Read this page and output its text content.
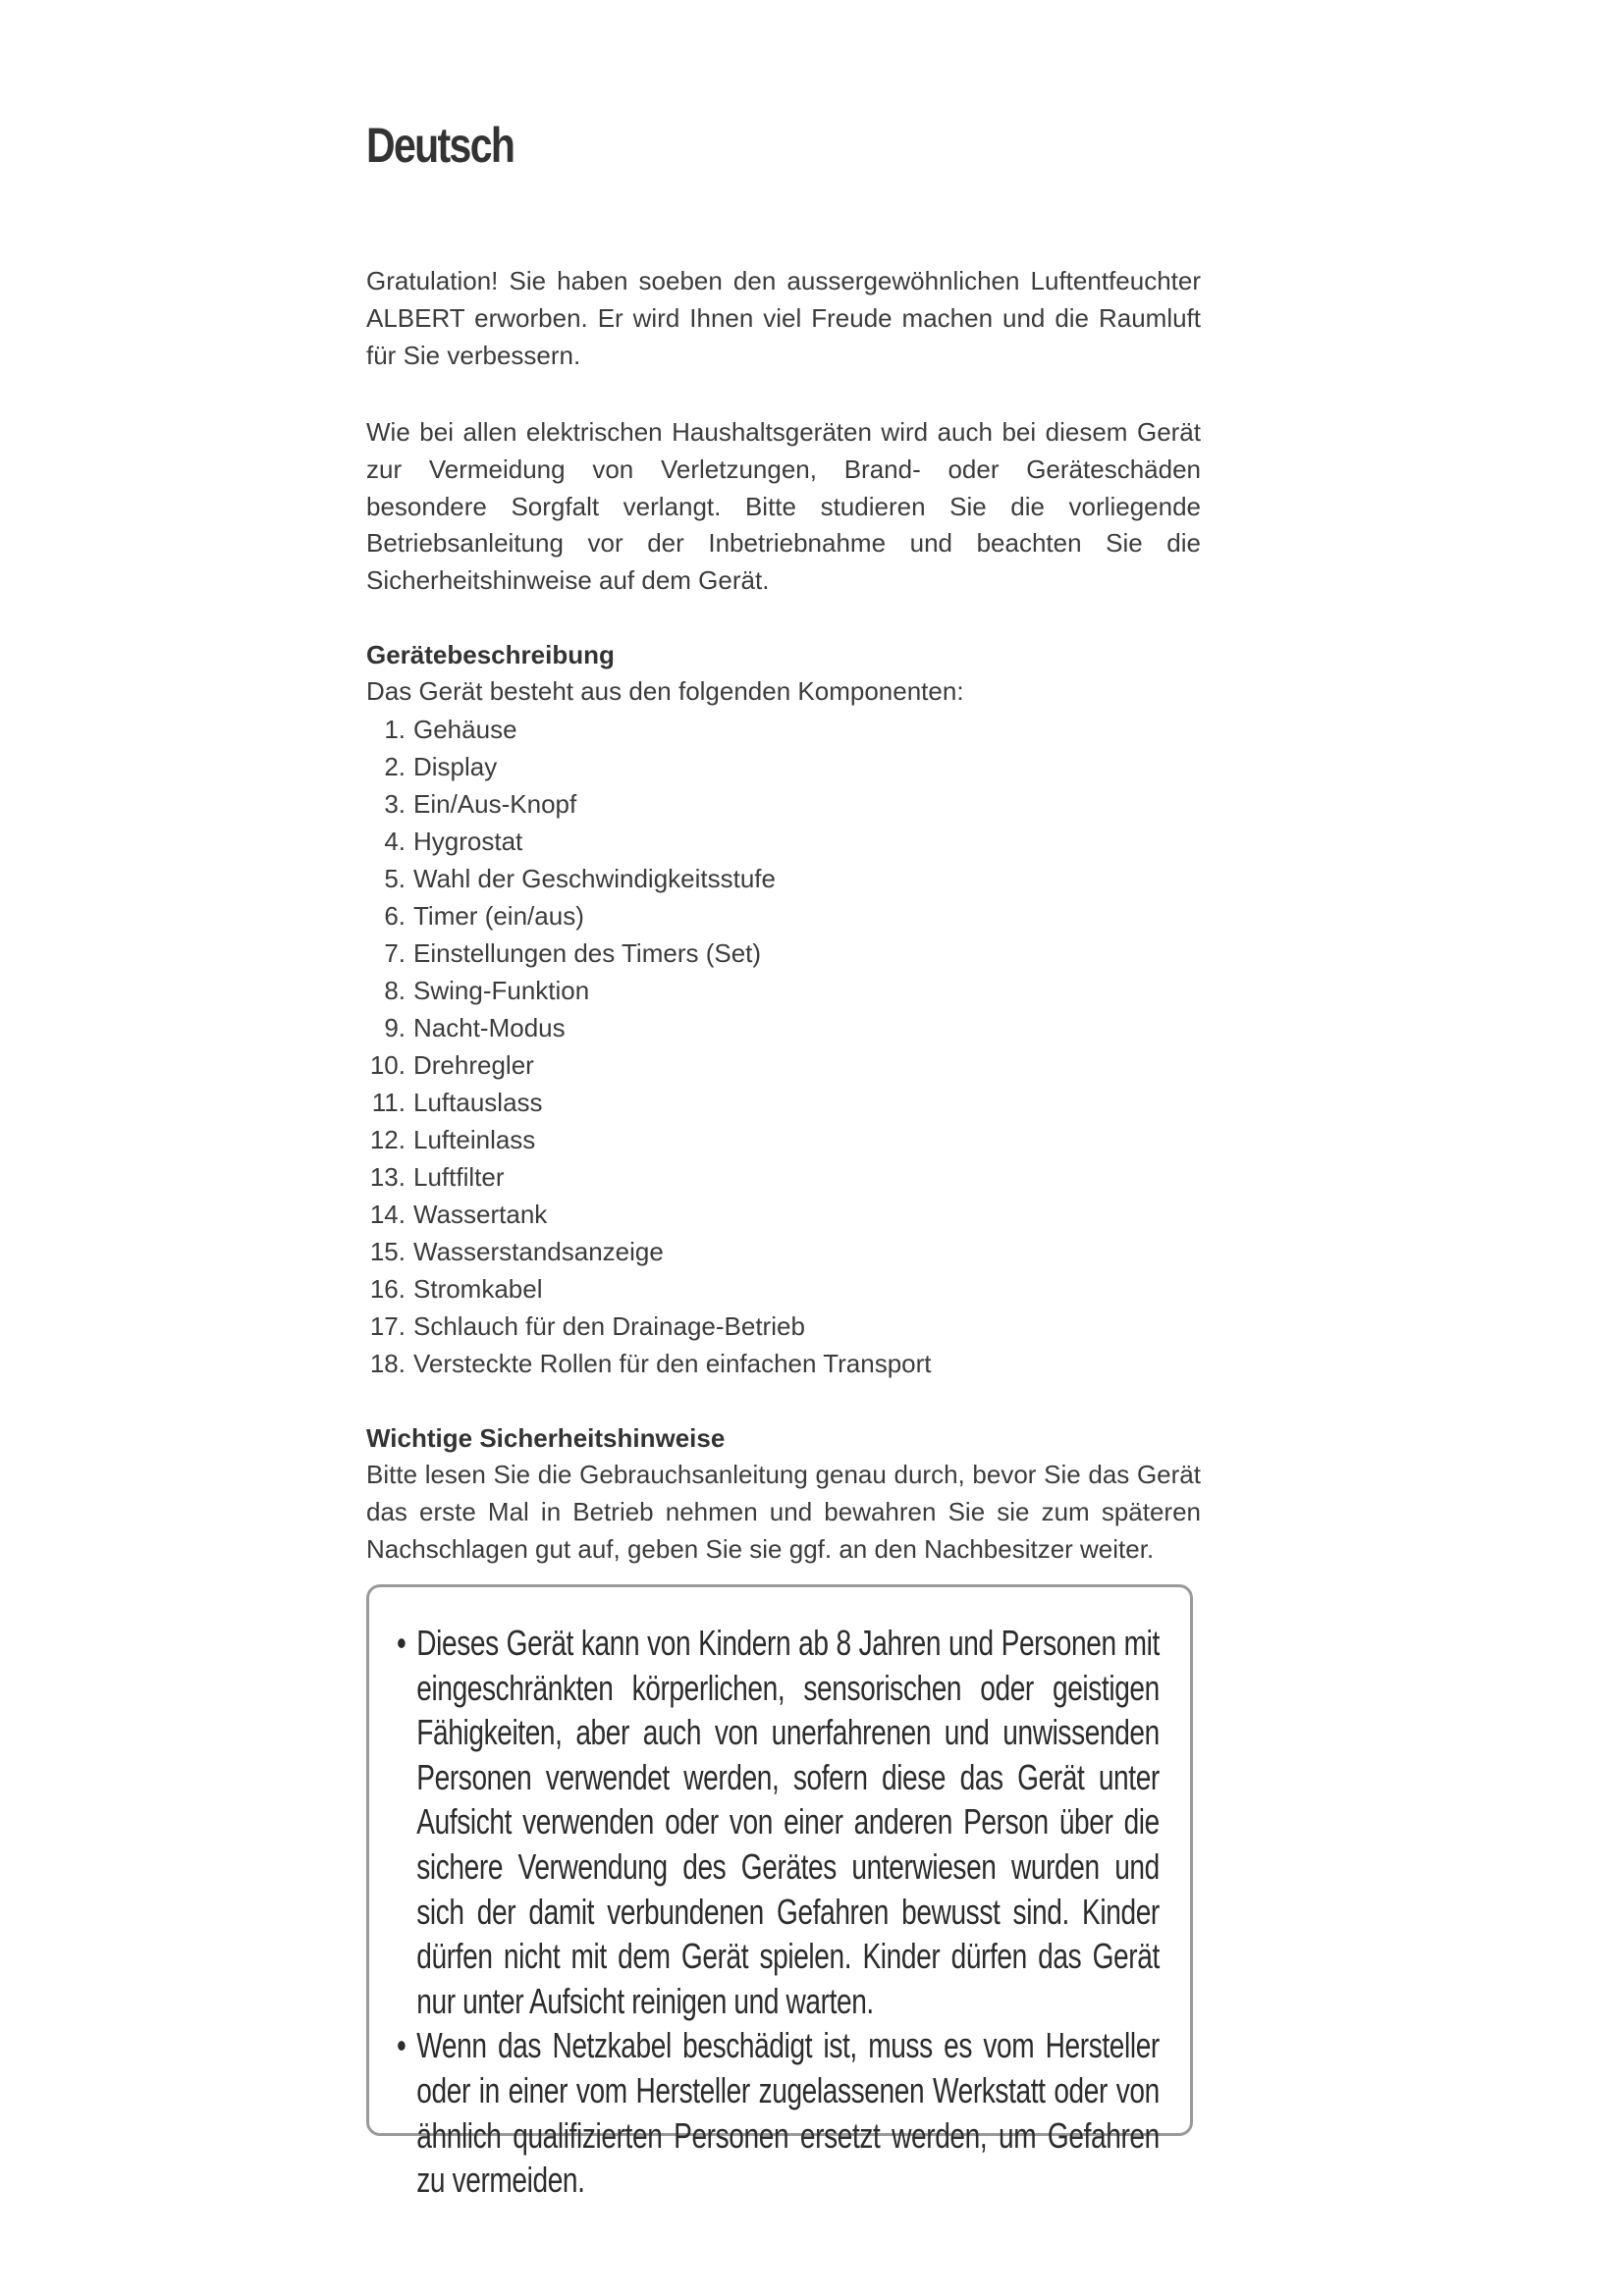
Deutsch

Gratulation! Sie haben soeben den aussergewöhnlichen Luftentfeuchter ALBERT erworben. Er wird Ihnen viel Freude machen und die Raumluft für Sie verbessern.

Wie bei allen elektrischen Haushaltsgeräten wird auch bei diesem Gerät zur Vermeidung von Verletzungen, Brand- oder Geräteschäden besondere Sorgfalt verlangt. Bitte studieren Sie die vorliegende Betriebsanleitung vor der Inbetriebnahme und beachten Sie die Sicherheitshinweise auf dem Gerät.

Gerätebeschreibung

Das Gerät besteht aus den folgenden Komponenten:

1. Gehäuse
2. Display
3. Ein/Aus-Knopf
4. Hygrostat
5. Wahl der Geschwindigkeitsstufe
6. Timer (ein/aus)
7. Einstellungen des Timers (Set)
8. Swing-Funktion
9. Nacht-Modus
10. Drehregler
11. Luftauslass
12. Lufteinlass
13. Luftfilter
14. Wassertank
15. Wasserstandsanzeige
16. Stromkabel
17. Schlauch für den Drainage-Betrieb
18. Versteckte Rollen für den einfachen Transport
Wichtige Sicherheitshinweise

Bitte lesen Sie die Gebrauchsanleitung genau durch, bevor Sie das Gerät das erste Mal in Betrieb nehmen und bewahren Sie sie zum späteren Nachschlagen gut auf, geben Sie sie ggf. an den Nachbesitzer weiter.

• Dieses Gerät kann von Kindern ab 8 Jahren und Personen mit eingeschränkten körperlichen, sensorischen oder geistigen Fähigkeiten, aber auch von unerfahrenen und unwissenden Personen verwendet werden, sofern diese das Gerät unter Aufsicht verwenden oder von einer anderen Person über die sichere Verwendung des Gerätes unterwiesen wurden und sich der damit verbundenen Gefahren bewusst sind. Kinder dürfen nicht mit dem Gerät spielen. Kinder dürfen das Gerät nur unter Aufsicht reinigen und warten.
• Wenn das Netzkabel beschädigt ist, muss es vom Hersteller oder in einer vom Hersteller zugelassenen Werkstatt oder von ähnlich qualifizierten Personen ersetzt werden, um Gefahren zu vermeiden.
